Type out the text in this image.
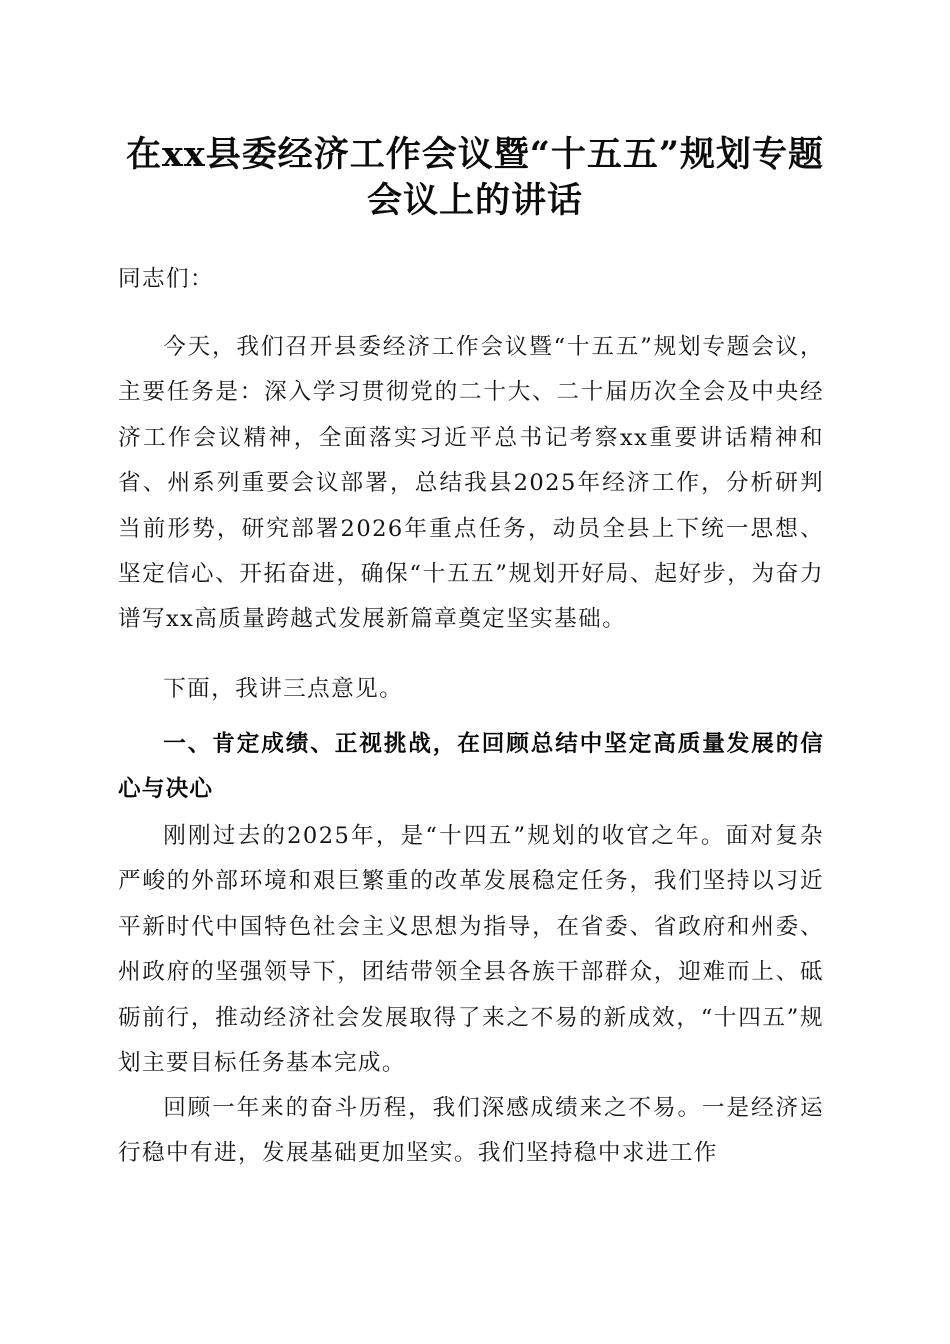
在xx县委经济工作会议暨“十五五”规划专题会议上的讲话

同志们：

今天，我们召开县委经济工作会议暨“十五五”规划专题会议，主要任务是：深入学习贯彻党的二十大、二十届历次全会及中央经济工作会议精神，全面落实习近平总书记考察xx重要讲话精神和省、州系列重要会议部署，总结我县2025年经济工作，分析研判当前形势，研究部署2026年重点任务，动员全县上下统一思想、坚定信心、开拓奋进，确保“十五五”规划开好局、起好步，为奋力谱写xx高质量跨越式发展新篇章奠定坚实基础。

下面，我讲三点意见。

一、肯定成绩、正视挑战，在回顾总结中坚定高质量发展的信心与决心

刚刚过去的2025年，是“十四五”规划的收官之年。面对复杂严峻的外部环境和艰巨繁重的改革发展稳定任务，我们坚持以习近平新时代中国特色社会主义思想为指导，在省委、省政府和州委、州政府的坚强领导下，团结带领全县各族干部群众，迎难而上、砥砺前行，推动经济社会发展取得了来之不易的新成效，“十四五”规划主要目标任务基本完成。

回顾一年来的奋斗历程，我们深感成绩来之不易。一是经济运行稳中有进，发展基础更加坚实。我们坚持稳中求进工作
